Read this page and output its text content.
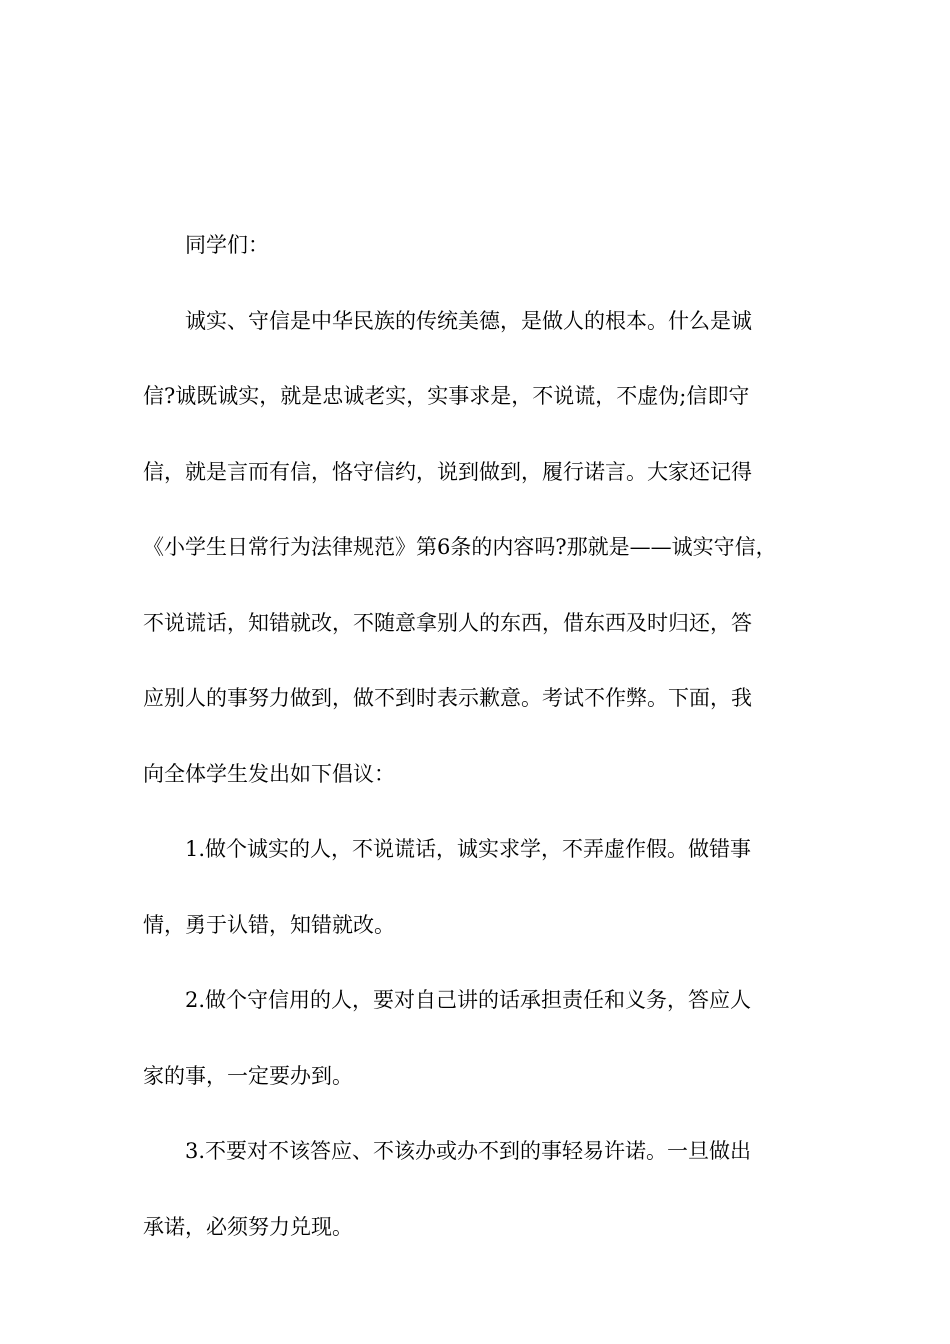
同学们：
诚实、守信是中华民族的传统美德，是做人的根本。什么是诚
信?诚既诚实，就是忠诚老实，实事求是，不说谎，不虚伪;信即守
信，就是言而有信，恪守信约，说到做到，履行诺言。大家还记得
《小学生日常行为法律规范》第6条的内容吗?那就是——诚实守信，
不说谎话，知错就改，不随意拿别人的东西，借东西及时归还，答
应别人的事努力做到，做不到时表示歉意。考试不作弊。下面，我
向全体学生发出如下倡议：
1.做个诚实的人，不说谎话，诚实求学，不弄虚作假。做错事
情，勇于认错，知错就改。
2.做个守信用的人，要对自己讲的话承担责任和义务，答应人
家的事，一定要办到。
3.不要对不该答应、不该办或办不到的事轻易许诺。一旦做出
承诺，必须努力兑现。
